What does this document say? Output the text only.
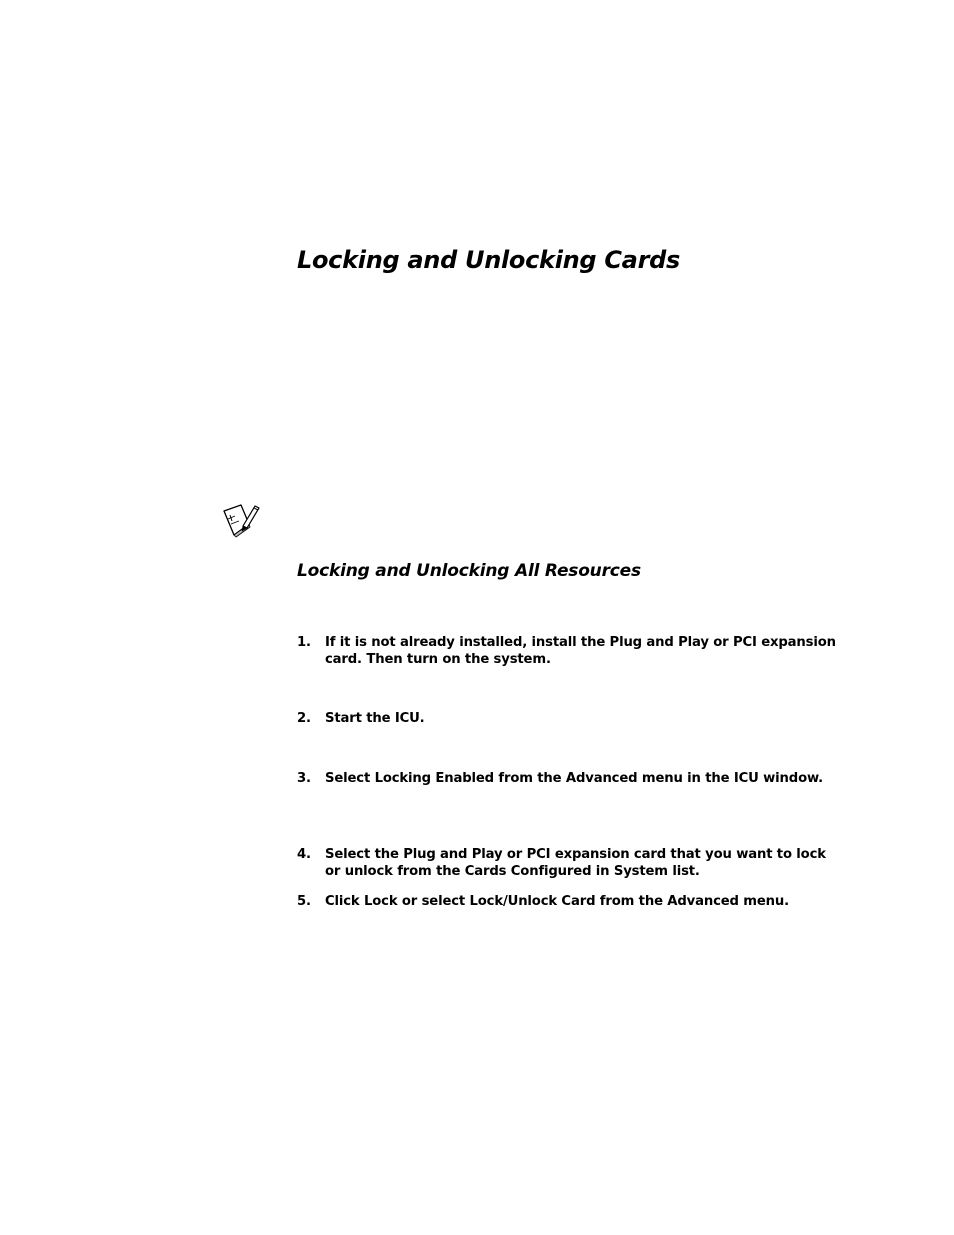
Locking and Unlocking Cards
Locking and Unlocking All Resources
1.	If it is not already installed, install the Plug and Play or PCI expansion card. Then turn on the system.
2.	Start the ICU.
3.	Select Locking Enabled from the Advanced menu in the ICU window.
4.	Select the Plug and Play or PCI expansion card that you want to lock or unlock from the Cards Configured in System list.
5.	Click Lock or select Lock/Unlock Card from the Advanced menu.
